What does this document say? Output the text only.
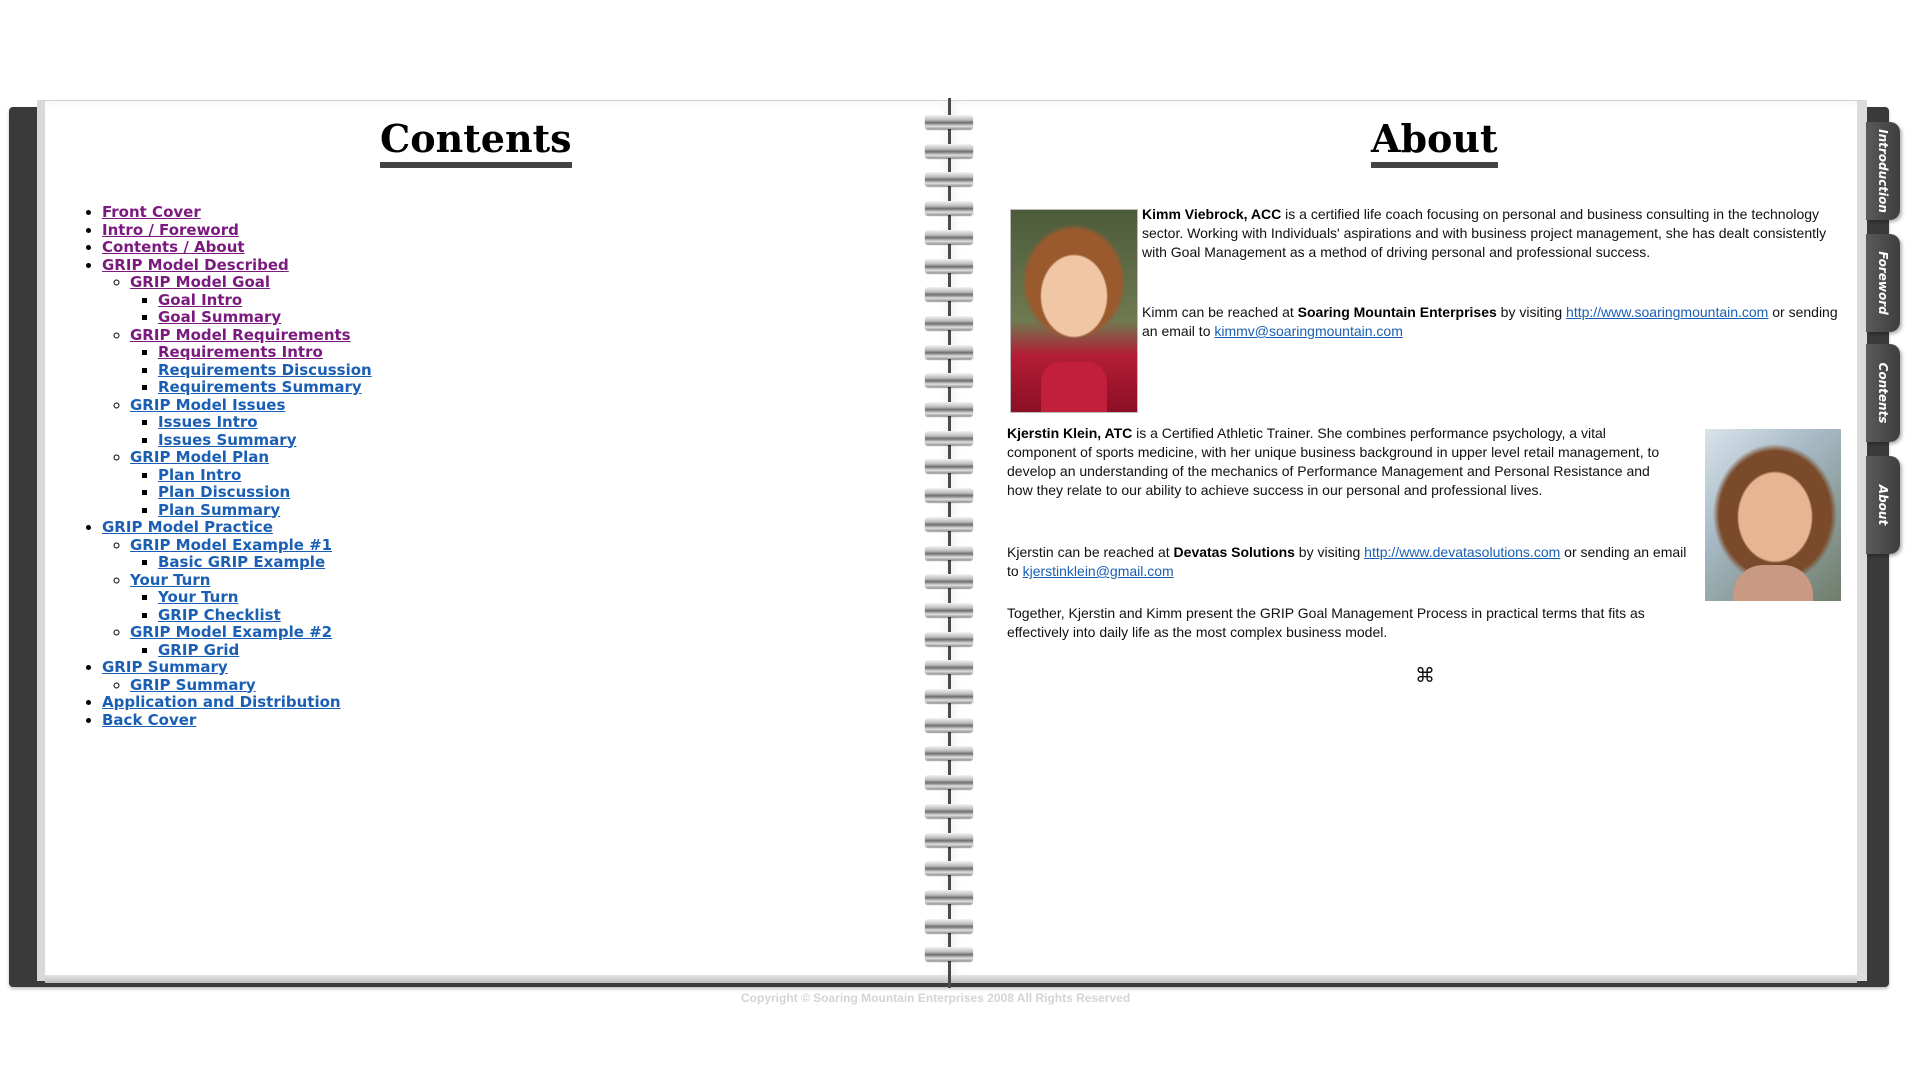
Introduction
Foreword
Contents
About
Contents
• Front Cover
• Intro / Foreword
• Contents / About
• GRIP Model Described
◦ GRIP Model Goal
▪ Goal Intro
▪ Goal Summary
◦ GRIP Model Requirements
▪ Requirements Intro
▪ Requirements Discussion
▪ Requirements Summary
◦ GRIP Model Issues
▪ Issues Intro
▪ Issues Summary
◦ GRIP Model Plan
▪ Plan Intro
▪ Plan Discussion
▪ Plan Summary
• GRIP Model Practice
◦ GRIP Model Example #1
▪ Basic GRIP Example
◦ Your Turn
▪ Your Turn
▪ GRIP Checklist
◦ GRIP Model Example #2
▪ GRIP Grid
• GRIP Summary
◦ GRIP Summary
• Application and Distribution
• Back Cover
About
Kimm Viebrock, ACC is a certified life coach focusing on personal and business consulting in the technology sector. Working with Individuals' aspirations and with business project management, she has dealt consistently with Goal Management as a method of driving personal and professional success.
Kimm can be reached at Soaring Mountain Enterprises by visiting http://www.soaringmountain.com or sending an email to kimmv@soaringmountain.com
Kjerstin Klein, ATC is a Certified Athletic Trainer. She combines performance psychology, a vital component of sports medicine, with her unique business background in upper level retail management, to develop an understanding of the mechanics of Performance Management and Personal Resistance and how they relate to our ability to achieve success in our personal and professional lives.
Kjerstin can be reached at Devatas Solutions by visiting http://www.devatasolutions.com or sending an email to kjerstinklein@gmail.com
Together, Kjerstin and Kimm present the GRIP Goal Management Process in practical terms that fits as effectively into daily life as the most complex business model.
⌘
Copyright © Soaring Mountain Enterprises 2008 All Rights Reserved
